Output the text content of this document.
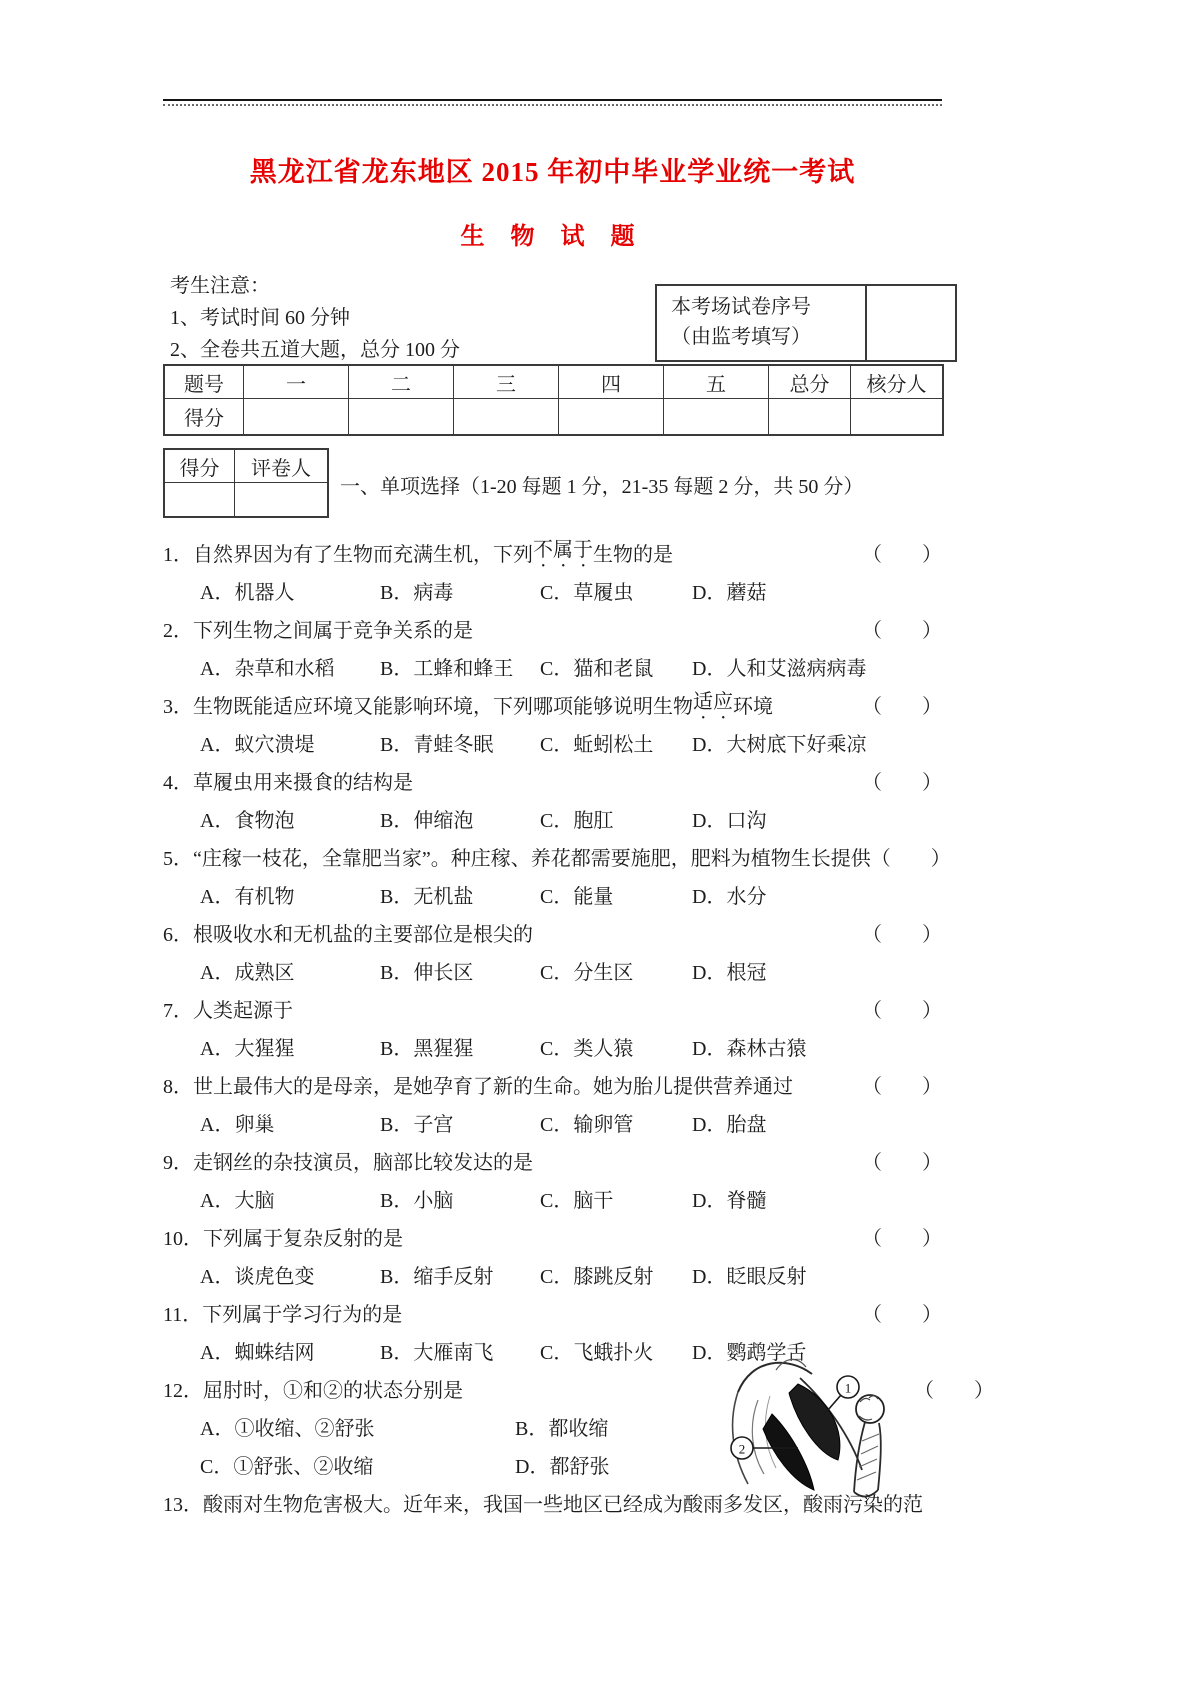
黑龙江省龙东地区 2015 年初中毕业学业统一考试
生 物 试 题
考生注意：
1、考试时间 60 分钟
2、全卷共五道大题，总分 100 分
本考场试卷序号
（由监考填写）
题号	一	二	三	四	五	总分	核分人
得分
得分	评卷人
一、单项选择（1-20 每题 1 分，21-35 每题 2 分，共 50 分）
1． 自然界因为有了生物而充满生机，下列 不属于 生物的是	（　　）
A．机器人	B．病毒	C．草履虫	D．蘑菇
2． 下列生物之间属于竞争关系的是	（　　）
A．杂草和水稻	B．工蜂和蜂王	C．猫和老鼠	D．人和艾滋病病毒
3． 生物既能适应环境又能影响环境，下列哪项能够说明生物 适应 环境	（　　）
A．蚁穴溃堤	B．青蛙冬眠	C．蚯蚓松土	D．大树底下好乘凉
4． 草履虫用来摄食的结构是	（　　）
A．食物泡	B．伸缩泡	C．胞肛	D．口沟
5． “庄稼一枝花，全靠肥当家”。种庄稼、养花都需要施肥，肥料为植物生长提供 （　　）
A．有机物	B．无机盐	C．能量	D．水分
6． 根吸收水和无机盐的主要部位是根尖的	（　　）
A．成熟区	B．伸长区	C．分生区	D．根冠
7． 人类起源于	（　　）
A．大猩猩	B．黑猩猩	C．类人猿	D．森林古猿
8． 世上最伟大的是母亲，是她孕育了新的生命。她为胎儿提供营养通过	（　　）
A．卵巢	B．子宫	C．输卵管	D．胎盘
9． 走钢丝的杂技演员，脑部比较发达的是	（　　）
A．大脑	B．小脑	C．脑干	D．脊髓
10． 下列属于复杂反射的是	（　　）
A．谈虎色变	B．缩手反射	C．膝跳反射	D．眨眼反射
11． 下列属于学习行为的是	（　　）
A．蜘蛛结网	B．大雁南飞	C．飞蛾扑火	D．鹦鹉学舌
12． 屈肘时，①和②的状态分别是	（　　）
A．①收缩、②舒张	B．都收缩
C．①舒张、②收缩	D．都舒张
13． 酸雨对生物危害极大。近年来，我国一些地区已经成为酸雨多发区，酸雨污染的范
1
2
